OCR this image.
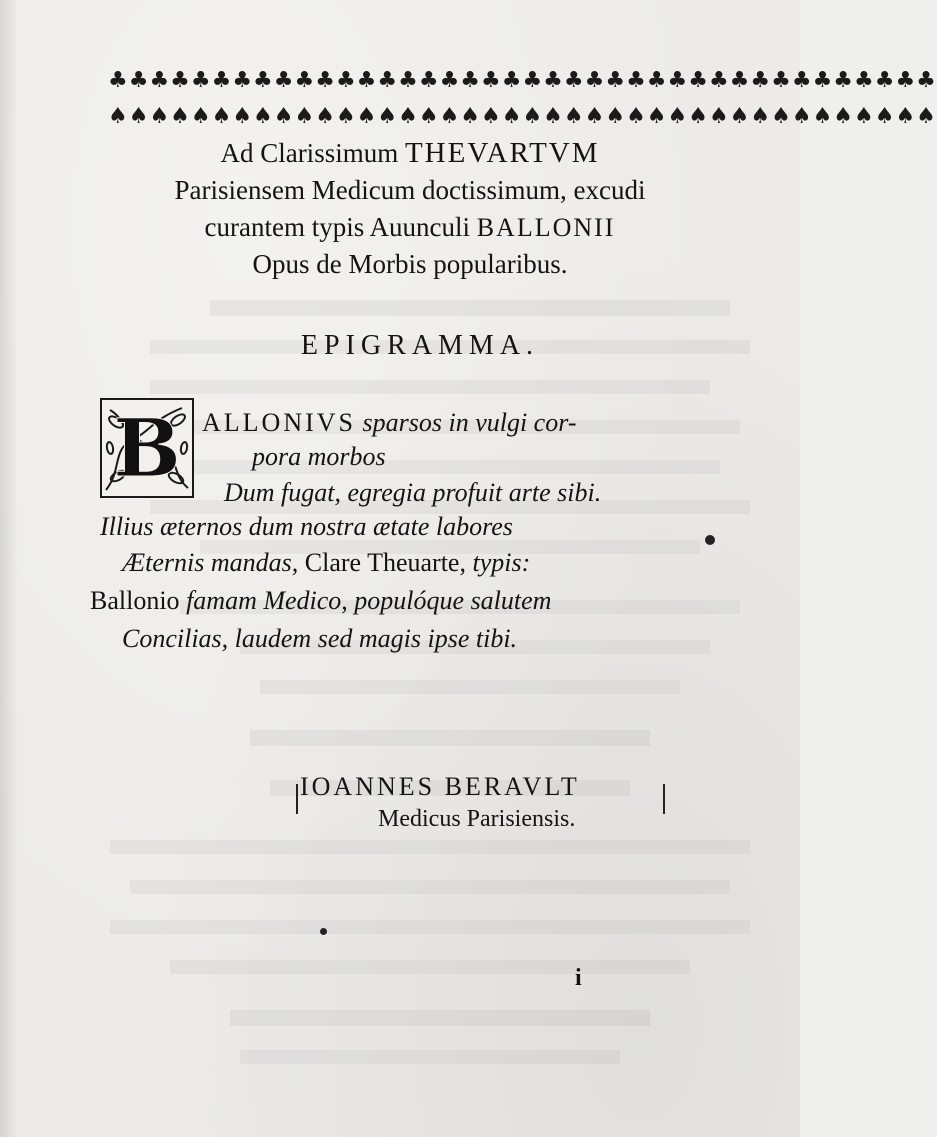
♣♣♣♣♣♣♣♣♣♣♣♣♣♣♣♣♣♣♣♣♣♣♣♣♣♣♣♣♣♣♣♣♣♣♣♣♣♣♣♣
♠♠♠♠♠♠♠♠♠♠♠♠♠♠♠♠♠♠♠♠♠♠♠♠♠♠♠♠♠♠♠♠♠♠♠♠♠♠♠♠
Ad Clarissimum THEVARTVM
Parisiensem Medicum doctissimum, excudi
curantem typis Auunculi BALLONII
Opus de Morbis popularibus.
EPIGRAMMA.
B ALLONIVS sparsos in vulgi cor-
pora morbos
Dum fugat, egregia profuit arte sibi.
Illius æternos dum nostra ætate labores
Æternis mandas, Clare Theuarte, typis:
Ballonio famam Medico, populóque salutem
Concilias, laudem sed magis ipse tibi.
IOANNES BERAVLT
Medicus Parisiensis.
i
